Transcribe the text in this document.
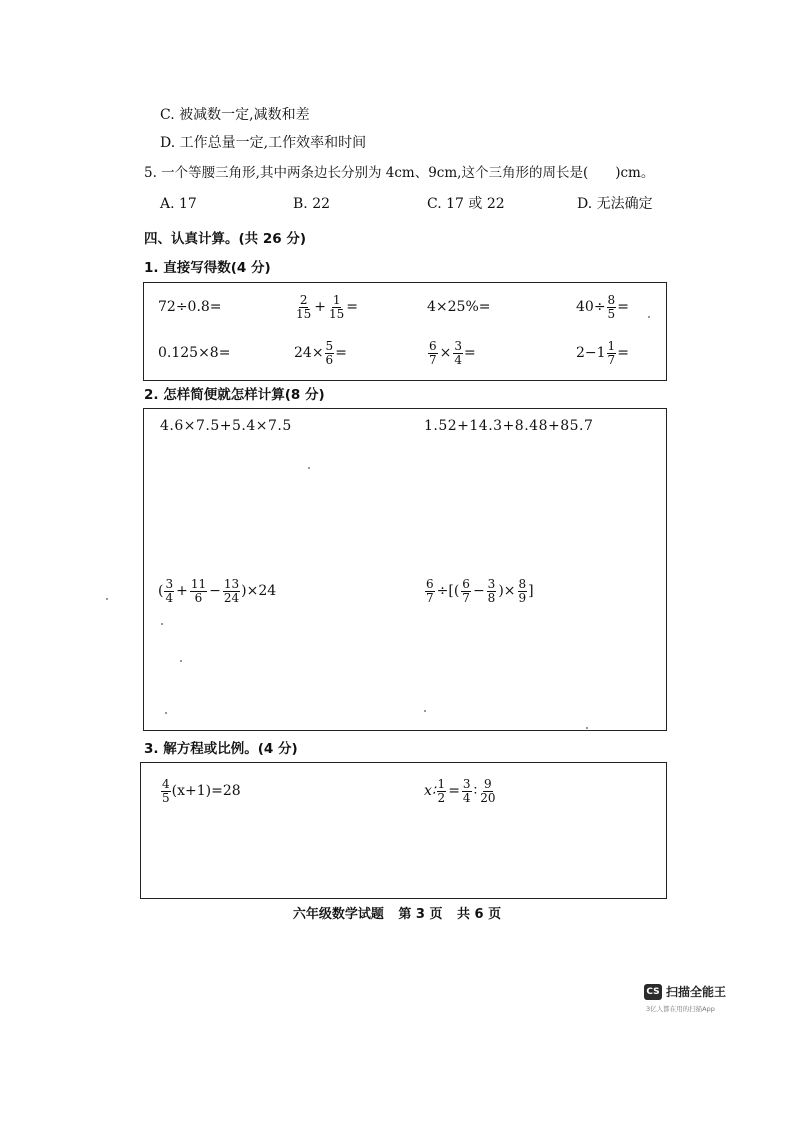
C. 被减数一定,减数和差
D. 工作总量一定,工作效率和时间
5. 一个等腰三角形,其中两条边长分别为 4cm、9cm,这个三角形的周长是(　　)cm。
A. 17	B. 22	C. 17 或 22	D. 无法确定
四、认真计算。(共 26 分)
1. 直接写得数(4 分)
72÷0.8=	$\frac{2}{15} + \frac{1}{15}$ =	4×25%=	$40\div \frac{8}{5}$ =
0.125×8=	$24\times \frac{5}{6}$ =	$\frac{6}{7} \times \frac{3}{4}$ =	$2-1 \frac{1}{7}$ =
2. 怎样简便就怎样计算(8 分)
4.6×7.5+5.4×7.5	1.52+14.3+8.48+85.7
( $\frac{3}{4} + \frac{11}{6} - \frac{13}{24} )\times 24$	$\frac{6}{7}$ ÷[( $\frac{6}{7} - \frac{3}{8}$ )× $\frac{8}{9}$ ]
3. 解方程或比例。(4 分)
$\frac{4}{5} (x+1)=28$	x∶ $\frac{1}{2} = \frac{3}{4}$ ∶ $\frac{9}{20}$
六年级数学试题 第 3 页 共 6 页
CS 扫描全能王
3亿人都在用的扫描App
